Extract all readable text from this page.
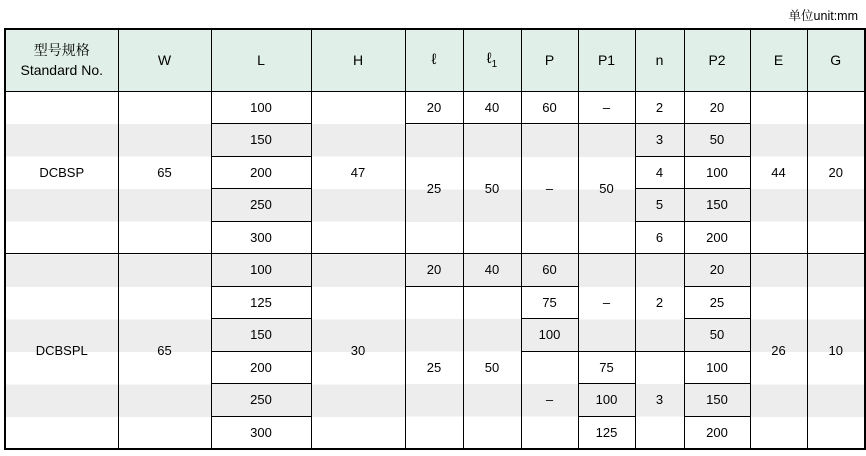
单位unit:mm
型号规格
Standard No.	W	L	H	ℓ	ℓ$_1$	P	P1	n	P2	E	G
DCBSP	65	100	47	20	40	60	–	2	20	44	20
		150		25	50	–	50	3	50		
		200						4	100		
		250						5	150		
		300						6	200		
DCBSPL	65	100	30	20	40	60	–	2	20	26	10
		125		25	50	75			25		
		150				100			50		
		200				–	75	3	100		
		250					100		150		
		300					125		200		
